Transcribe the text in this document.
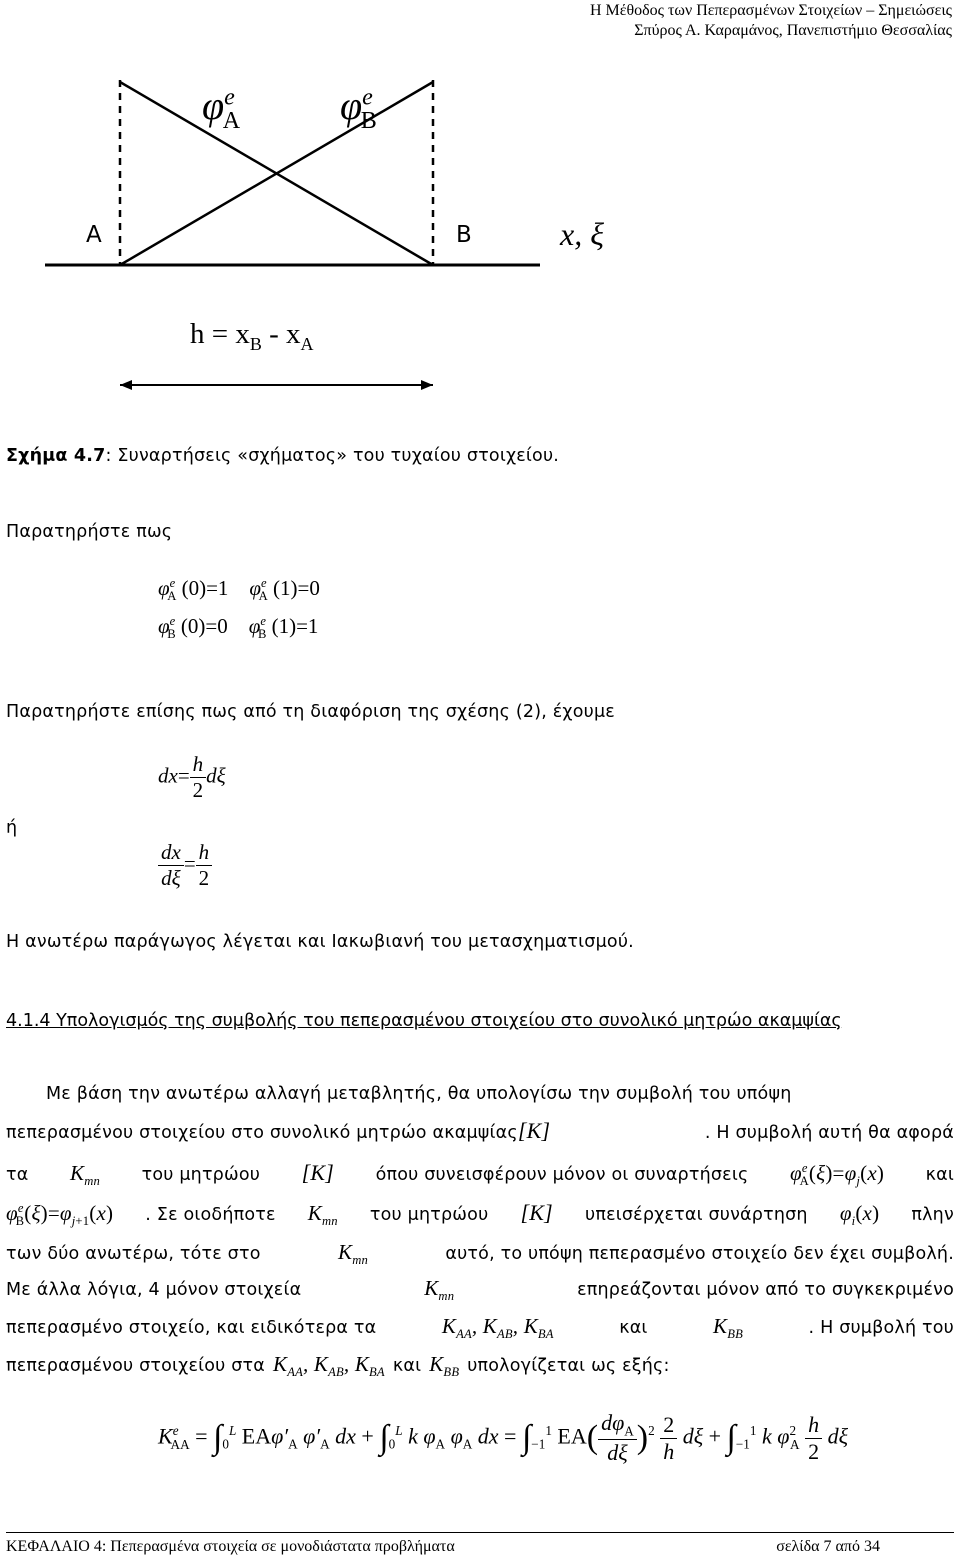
Η Μέθοδος των Πεπερασμένων Στοιχείων – Σημειώσεις
Σπύρος Α. Καραμάνος, Πανεπιστήμιο Θεσσαλίας
$\varphi^e_A$ $\varphi^e_B$
A	B	x, ξ
$h = x_B - x_A$
Σχήμα 4.7: Συναρτήσεις «σχήματος» του τυχαίου στοιχείου.
Παρατηρήστε πως
$\varphi^e_A$ (0)=1    $\varphi^e_A$ (1)=0
$\varphi^e_B$ (0)=0    $\varphi^e_B$ (1)=1
Παρατηρήστε επίσης πως από τη διαφόριση της σχέσης (2), έχουμε
$dx= \frac{h}{2}$ dξ
ή
$\frac{dx}{d\xi} = \frac{h}{2}$
Η ανωτέρω παράγωγος λέγεται και Ιακωβιανή του μετασχηματισμού.
4.1.4 Υπολογισμός της συμβολής του πεπερασμένου στοιχείου στο συνολικό μητρώο ακαμψίας
Με βάση την ανωτέρω αλλαγή μεταβλητής, θα υπολογίσω την συμβολή του υπόψη
πεπερασμένου στοιχείου στο συνολικό μητρώο ακαμψίας [K]	. Η συμβολή αυτή θα αφορά
τα $K_{mn}$ του μητρώου [K] όπου συνεισφέρουν μόνον οι συναρτήσεις $\varphi^e_A(\xi)=\varphi_j(x)$ και
$\varphi^e_B(\xi)=\varphi_{j+1}(x)$ . Σε οιοδήποτε $K_{mn}$ του μητρώου [K] υπεισέρχεται συνάρτηση $\varphi_i(x)$ πλην
των δύο ανωτέρω, τότε στο	$K_{mn}$	αυτό, το υπόψη πεπερασμένο στοιχείο δεν έχει συμβολή.
Με άλλα λόγια, 4 μόνον στοιχεία	$K_{mn}$	επηρεάζονται μόνον από το συγκεκριμένο
πεπερασμένο στοιχείο, και ειδικότερα τα	$K_{AA}$, $K_{AB}$, $K_{BA}$	και	$K_{BB}$	. Η συμβολή του
πεπερασμένου στοιχείου στα $K_{AA}$, $K_{AB}$, $K_{BA}$ και $K_{BB}$ υπολογίζεται ως εξής:
$K^e_{AA} = \int_0^L$ $EA\varphi'_A$ $\varphi'_A$ dx + $\int_0^L$ k $\varphi_A$ $\varphi_A$ dx = $\int_{-1}^1$ $EA( \frac{d\varphi_A}{d\xi} )^2 \frac{2}{h}$ $d\xi + \int_{-1}^1$ k $\varphi^2_A \frac{h}{2}$ dξ
ΚΕΦΑΛΑΙΟ 4: Πεπερασμένα στοιχεία σε μονοδιάστατα προβλήματα	σελίδα 7 από 34
